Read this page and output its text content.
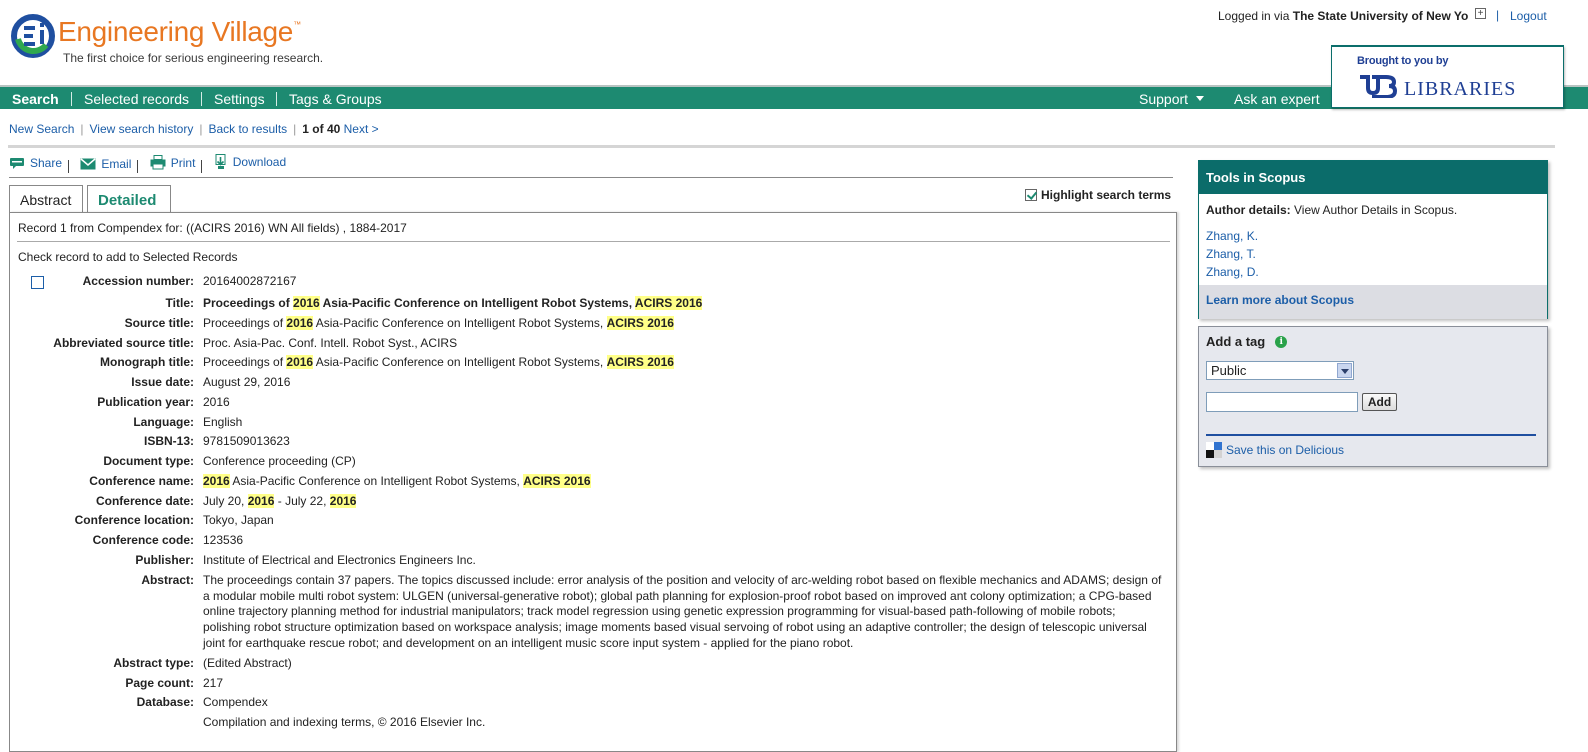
Engineering Village™
The first choice for serious engineering research.
Logged in via The State University of New Yo + | Logout
Brought to you by
LIBRARIES
Search Selected records Settings Tags & Groups	Support	Ask an expert
New Search | View search history | Back to results | 1 of 40 Next >
Share
	Email
	Print
	Download
Abstract	Detailed	Highlight search terms
Record 1 from Compendex for: ((ACIRS 2016) WN All fields) , 1884-2017
Check record to add to Selected Records
Accession number: 20164002872167
Title: Proceedings of 2016 Asia-Pacific Conference on Intelligent Robot Systems, ACIRS 2016
Source title: Proceedings of 2016 Asia-Pacific Conference on Intelligent Robot Systems, ACIRS 2016
Abbreviated source title: Proc. Asia-Pac. Conf. Intell. Robot Syst., ACIRS
Monograph title: Proceedings of 2016 Asia-Pacific Conference on Intelligent Robot Systems, ACIRS 2016
Issue date: August 29, 2016
Publication year: 2016
Language: English
ISBN-13: 9781509013623
Document type: Conference proceeding (CP)
Conference name: 2016 Asia-Pacific Conference on Intelligent Robot Systems, ACIRS 2016
Conference date: July 20, 2016 - July 22, 2016
Conference location: Tokyo, Japan
Conference code: 123536
Publisher: Institute of Electrical and Electronics Engineers Inc.
Abstract: The proceedings contain 37 papers. The topics discussed include: error analysis of the position and velocity of arc-welding robot based on flexible mechanics and ADAMS; design of a modular mobile multi robot system: ULGEN (universal-generative robot); global path planning for explosion-proof robot based on improved ant colony optimization; a CPG-based online trajectory planning method for industrial manipulators; track model regression using genetic expression programming for visual-based path-following of mobile robots; polishing robot structure optimization based on workspace analysis; image moments based visual servoing of robot using an adaptive controller; the design of telescopic universal joint for earthquake rescue robot; and development on an intelligent music score input system - applied for the piano robot.
Abstract type: (Edited Abstract)
Page count: 217
Database: Compendex
Compilation and indexing terms, © 2016 Elsevier Inc.
Tools in Scopus
Author details: View Author Details in Scopus.
Zhang, K.
Zhang, T.
Zhang, D.
Learn more about Scopus
Add a tag	i
Public
Add
Save this on Delicious
